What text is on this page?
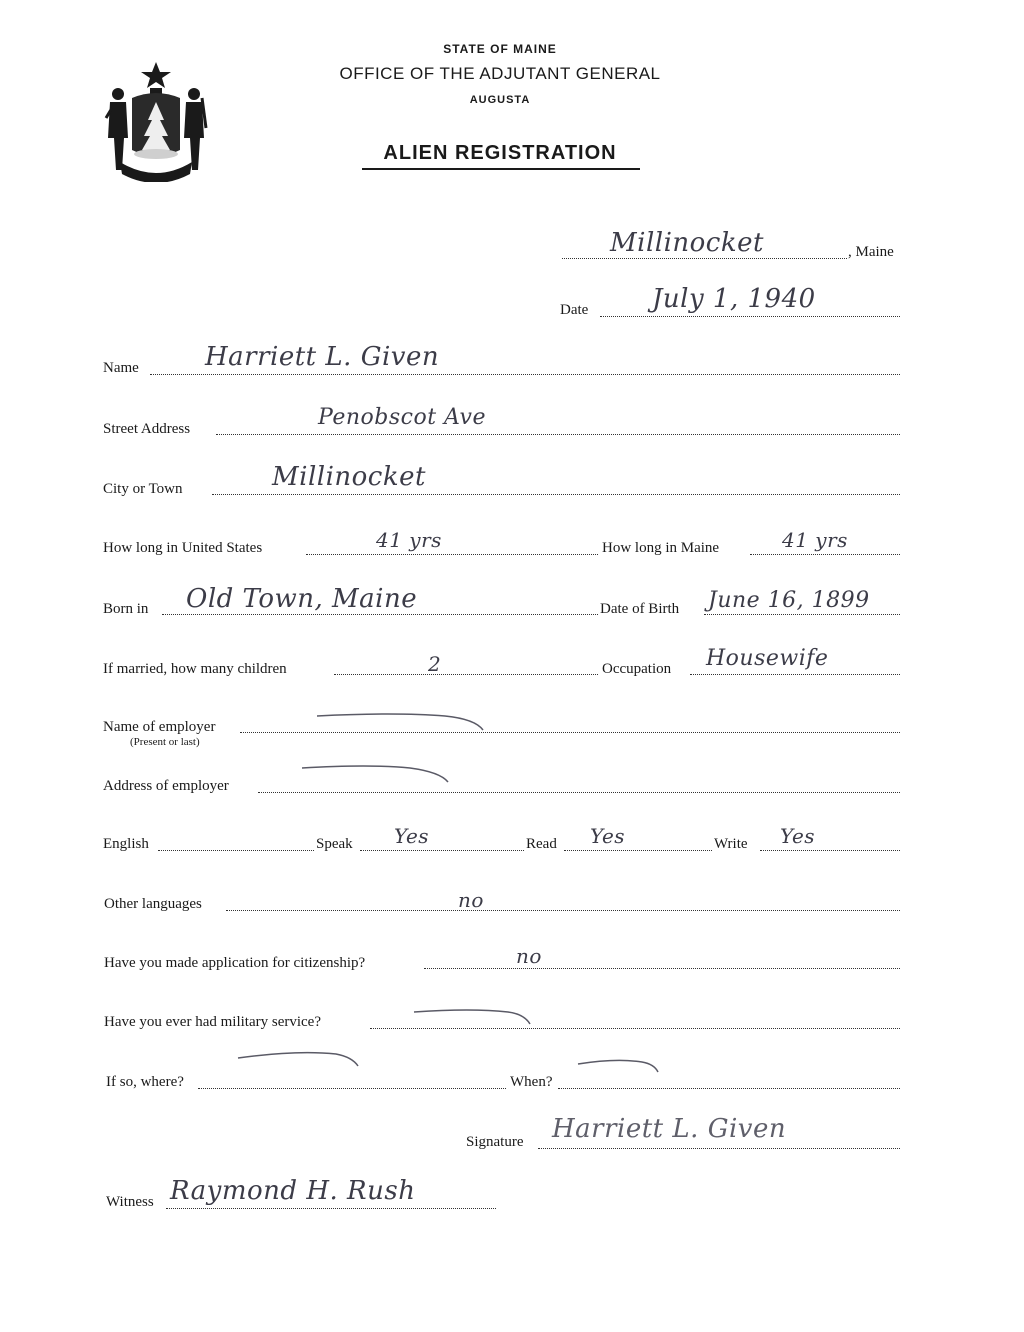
STATE OF MAINE
OFFICE OF THE ADJUTANT GENERAL
AUGUSTA
ALIEN REGISTRATION
Millinocket	, Maine
Date July 1, 1940
Name	Harriett L. Given
Street Address	Penobscot Ave
City or Town	Millinocket
How long in United States	41 yrs	How long in Maine	41 yrs
Born in Old Town, Maine	Date of Birth June 16, 1899
If married, how many children	2	Occupation Housewife
Name of employer
(Present or last)
Address of employer
English	Speak Yes	Read Yes	Write Yes
Other languages	no
Have you made application for citizenship?	no
Have you ever had military service?
If so, where?	When?
Signature Harriett L. Given
Witness Raymond H. Rush
